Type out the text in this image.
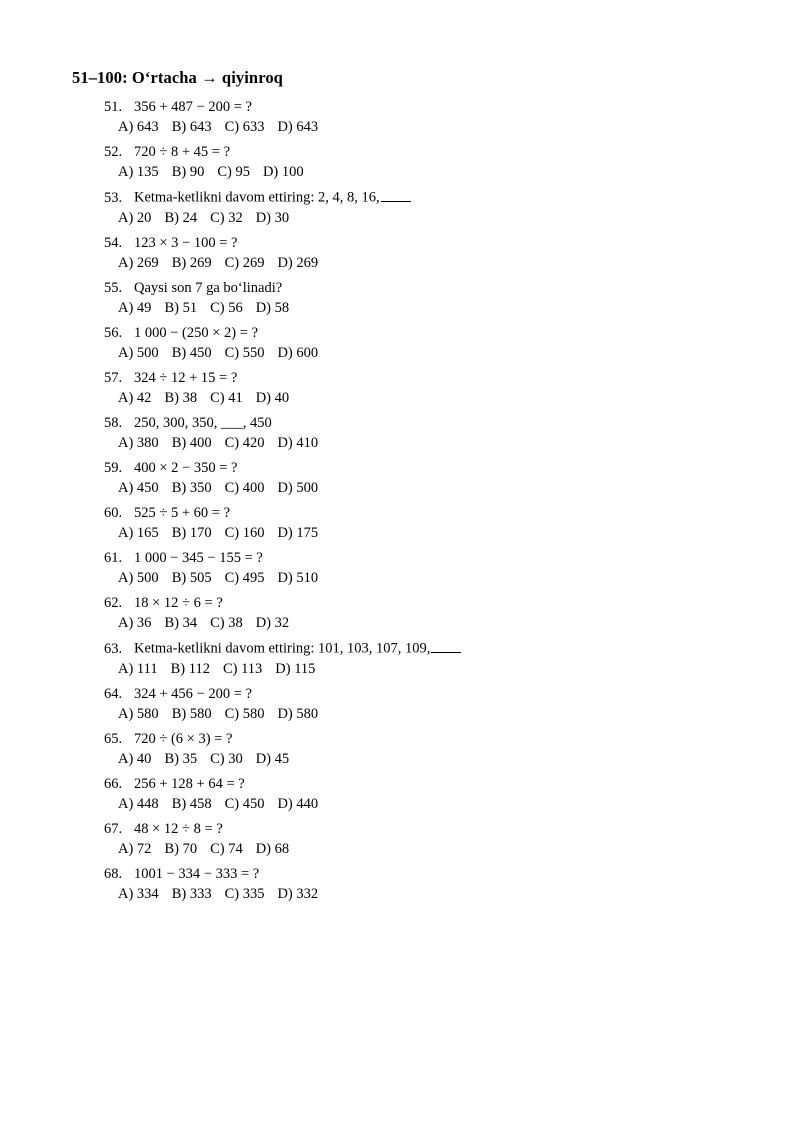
51–100: O‘rtacha → qiyinroq
51. 356 + 487 − 200 = ?
A) 643 B) 643 C) 633 D) 643
52. 720 ÷ 8 + 45 = ?
A) 135 B) 90 C) 95 D) 100
53. Ketma-ketlikni davom ettiring: 2, 4, 8, 16,
A) 20 B) 24 C) 32 D) 30
54. 123 × 3 − 100 = ?
A) 269 B) 269 C) 269 D) 269
55. Qaysi son 7 ga bo‘linadi?
A) 49 B) 51 C) 56 D) 58
56. 1 000 − (250 × 2) = ?
A) 500 B) 450 C) 550 D) 600
57. 324 ÷ 12 + 15 = ?
A) 42 B) 38 C) 41 D) 40
58. 250, 300, 350, ___, 450
A) 380 B) 400 C) 420 D) 410
59. 400 × 2 − 350 = ?
A) 450 B) 350 C) 400 D) 500
60. 525 ÷ 5 + 60 = ?
A) 165 B) 170 C) 160 D) 175
61. 1 000 − 345 − 155 = ?
A) 500 B) 505 C) 495 D) 510
62. 18 × 12 ÷ 6 = ?
A) 36 B) 34 C) 38 D) 32
63. Ketma-ketlikni davom ettiring: 101, 103, 107, 109,
A) 111 B) 112 C) 113 D) 115
64. 324 + 456 − 200 = ?
A) 580 B) 580 C) 580 D) 580
65. 720 ÷ (6 × 3) = ?
A) 40 B) 35 C) 30 D) 45
66. 256 + 128 + 64 = ?
A) 448 B) 458 C) 450 D) 440
67. 48 × 12 ÷ 8 = ?
A) 72 B) 70 C) 74 D) 68
68. 1001 − 334 − 333 = ?
A) 334 B) 333 C) 335 D) 332
